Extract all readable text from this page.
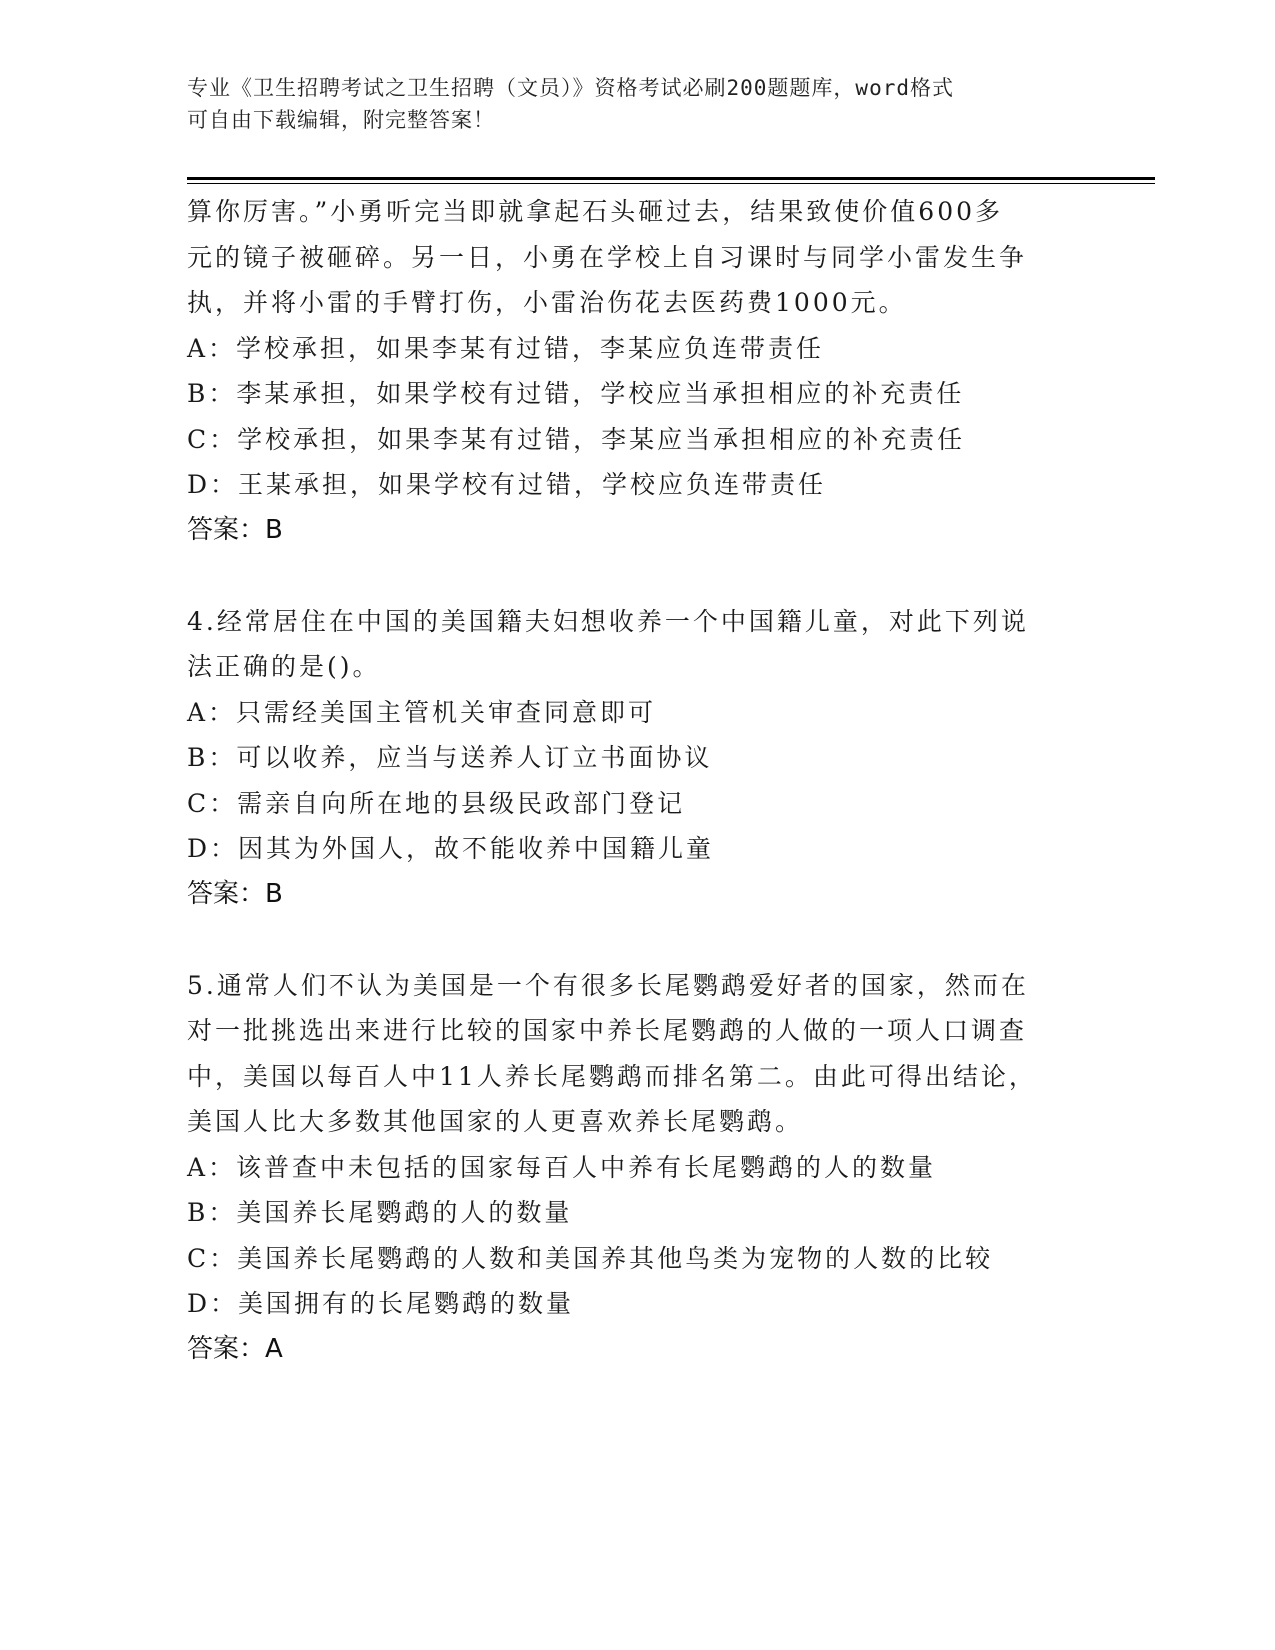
专业《卫生招聘考试之卫生招聘（文员）》资格考试必刷200题题库，word格式
可自由下载编辑，附完整答案！
算你厉害。”小勇听完当即就拿起石头砸过去，结果致使价值600多
元的镜子被砸碎。另一日，小勇在学校上自习课时与同学小雷发生争
执，并将小雷的手臂打伤，小雷治伤花去医药费1000元。
A：学校承担，如果李某有过错，李某应负连带责任
B：李某承担，如果学校有过错，学校应当承担相应的补充责任
C：学校承担，如果李某有过错，李某应当承担相应的补充责任
D：王某承担，如果学校有过错，学校应负连带责任
答案：B
4.经常居住在中国的美国籍夫妇想收养一个中国籍儿童，对此下列说
法正确的是()。
A：只需经美国主管机关审查同意即可
B：可以收养，应当与送养人订立书面协议
C：需亲自向所在地的县级民政部门登记
D：因其为外国人，故不能收养中国籍儿童
答案：B
5.通常人们不认为美国是一个有很多长尾鹦鹉爱好者的国家，然而在
对一批挑选出来进行比较的国家中养长尾鹦鹉的人做的一项人口调查
中，美国以每百人中11人养长尾鹦鹉而排名第二。由此可得出结论，
美国人比大多数其他国家的人更喜欢养长尾鹦鹉。
A：该普查中未包括的国家每百人中养有长尾鹦鹉的人的数量
B：美国养长尾鹦鹉的人的数量
C：美国养长尾鹦鹉的人数和美国养其他鸟类为宠物的人数的比较
D：美国拥有的长尾鹦鹉的数量
答案：A
